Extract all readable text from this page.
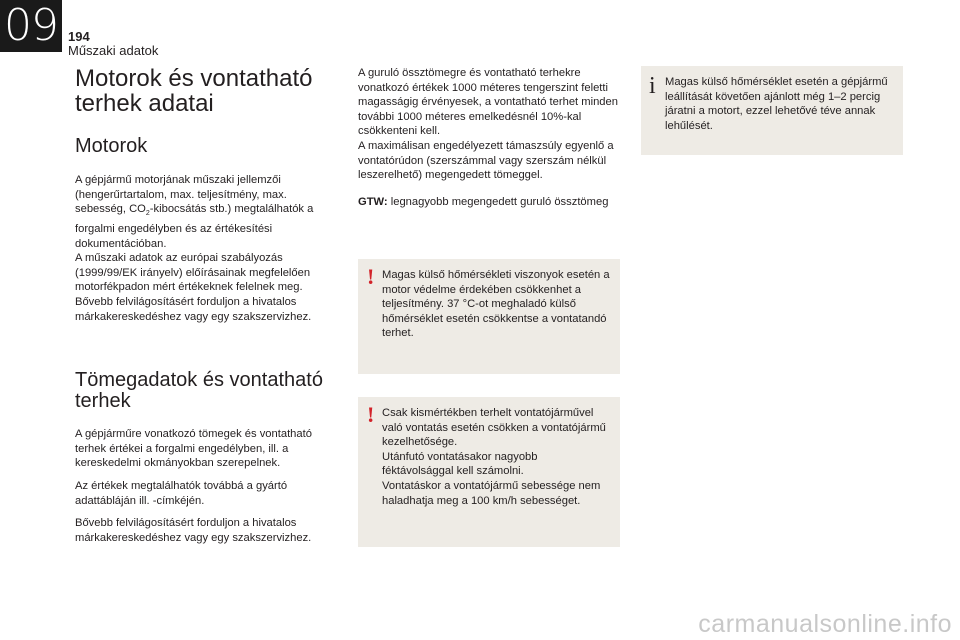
09 194
Műszaki adatok
Motorok és vontatható terhek adatai
Motorok

A gépjármű motorjának műszaki jellemzői (hengerűrtartalom, max. teljesítmény, max. sebesség, $CO_2$-kibocsátás stb.) megtalálhatók a forgalmi engedélyben és az értékesítési dokumentációban.

A műszaki adatok az európai szabályozás (1999/99/EK irányelv) előírásainak megfelelően motorfékpadon mért értékeknek felelnek meg.

Bővebb felvilágosításért forduljon a hivatalos márkakereskedéshez vagy egy szakszervizhez.

Tömegadatok és vontatható terhek

A gépjárműre vonatkozó tömegek és vontatható terhek értékei a forgalmi engedélyben, ill. a kereskedelmi okmányokban szerepelnek.

Az értékek megtalálhatók továbbá a gyártó adattábláján ill. -címkéjén.

Bővebb felvilágosításért forduljon a hivatalos márkakereskedéshez vagy egy szakszervizhez.

A guruló össztömegre és vontatható terhekre vonatkozó értékek 1000 méteres tengerszint feletti magasságig érvényesek, a vontatható terhet minden további 1000 méteres emelkedésnél 10%-kal csökkenteni kell.

A maximálisan engedélyezett támaszsúly egyenlő a vontatórúdon (szerszámmal vagy szerszám nélkül leszerelhető) megengedett tömeggel.

GTW: legnagyobb megengedett guruló össztömeg

! Magas külső hőmérsékleti viszonyok esetén a motor védelme érdekében csökkenhet a teljesítmény. 37 °C-ot meghaladó külső hőmérséklet esetén csökkentse a vontatandó terhet.

! Csak kismértékben terhelt vontatójárművel való vontatás esetén csökken a vontatójármű kezelhetősége.

Utánfutó vontatásakor nagyobb féktávolsággal kell számolni.

Vontatáskor a vontatójármű sebessége nem haladhatja meg a 100 km/h sebességet.

i Magas külső hőmérséklet esetén a gépjármű leállítását követően ajánlott még 1–2 percig járatni a motort, ezzel lehetővé téve annak lehűlését.

carmanualsonline.info
